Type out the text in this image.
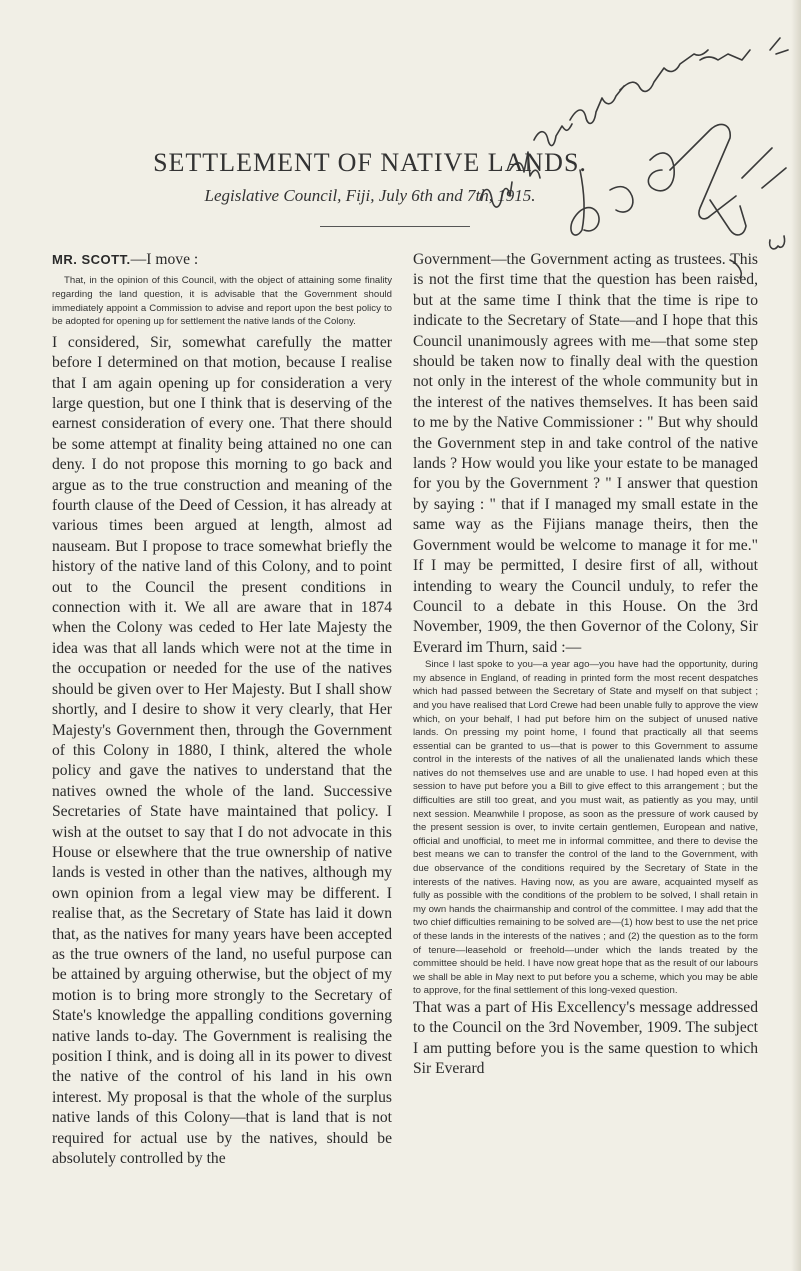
SETTLEMENT OF NATIVE LANDS.
Legislative Council, Fiji, July 6th and 7th, 1915.

MR. SCOTT.—I move :

That, in the opinion of this Council, with the object of attaining some finality regarding the land question, it is advisable that the Government should immediately appoint a Commission to advise and report upon the best policy to be adopted for opening up for settlement the native lands of the Colony.

I considered, Sir, somewhat carefully the matter before I determined on that motion, because I realise that I am again opening up for consideration a very large question, but one I think that is deserving of the earnest consideration of every one. That there should be some attempt at finality being attained no one can deny. I do not propose this morning to go back and argue as to the true construction and meaning of the fourth clause of the Deed of Cession, it has already at various times been argued at length, almost ad nauseam. But I propose to trace somewhat briefly the history of the native land of this Colony, and to point out to the Council the present conditions in connection with it. We all are aware that in 1874 when the Colony was ceded to Her late Majesty the idea was that all lands which were not at the time in the occupation or needed for the use of the natives should be given over to Her Majesty. But I shall show shortly, and I desire to show it very clearly, that Her Majesty's Government then, through the Government of this Colony in 1880, I think, altered the whole policy and gave the natives to understand that the natives owned the whole of the land. Successive Secretaries of State have maintained that policy. I wish at the outset to say that I do not advocate in this House or elsewhere that the true ownership of native lands is vested in other than the natives, although my own opinion from a legal view may be different. I realise that, as the Secretary of State has laid it down that, as the natives for many years have been accepted as the true owners of the land, no useful purpose can be attained by arguing otherwise, but the object of my motion is to bring more strongly to the Secretary of State's knowledge the appalling conditions governing native lands to-day. The Government is realising the position I think, and is doing all in its power to divest the native of the control of his land in his own interest. My proposal is that the whole of the surplus native lands of this Colony—that is land that is not required for actual use by the natives, should be absolutely controlled by the

Government—the Government acting as trustees. This is not the first time that the question has been raised, but at the same time I think that the time is ripe to indicate to the Secretary of State—and I hope that this Council unanimously agrees with me—that some step should be taken now to finally deal with the question not only in the interest of the whole community but in the interest of the natives themselves. It has been said to me by the Native Commissioner : " But why should the Government step in and take control of the native lands ? How would you like your estate to be managed for you by the Government ? " I answer that question by saying : " that if I managed my small estate in the same way as the Fijians manage theirs, then the Government would be welcome to manage it for me." If I may be permitted, I desire first of all, without intending to weary the Council unduly, to refer the Council to a debate in this House. On the 3rd November, 1909, the then Governor of the Colony, Sir Everard im Thurn, said :—

Since I last spoke to you—a year ago—you have had the opportunity, during my absence in England, of reading in printed form the most recent despatches which had passed between the Secretary of State and myself on that subject ; and you have realised that Lord Crewe had been unable fully to approve the view which, on your behalf, I had put before him on the subject of unused native lands. On pressing my point home, I found that practically all that seems essential can be granted to us—that is power to this Government to assume control in the interests of the natives of all the unalienated lands which these natives do not themselves use and are unable to use. I had hoped even at this session to have put before you a Bill to give effect to this arrangement ; but the difficulties are still too great, and you must wait, as patiently as you may, until next session. Meanwhile I propose, as soon as the pressure of work caused by the present session is over, to invite certain gentlemen, European and native, official and unofficial, to meet me in informal committee, and there to devise the best means we can to transfer the control of the land to the Government, with due observance of the conditions required by the Secretary of State in the interests of the natives. Having now, as you are aware, acquainted myself as fully as possible with the conditions of the problem to be solved, I shall retain in my own hands the chairmanship and control of the committee. I may add that the two chief difficulties remaining to be solved are—(1) how best to use the net price of these lands in the interests of the natives ; and (2) the question as to the form of tenure—leasehold or freehold—under which the lands treated by the committee should be held. I have now great hope that as the result of our labours we shall be able in May next to put before you a scheme, which you may be able to approve, for the final settlement of this long-vexed question.

That was a part of His Excellency's message addressed to the Council on the 3rd November, 1909. The subject I am putting before you is the same question to which Sir Everard
